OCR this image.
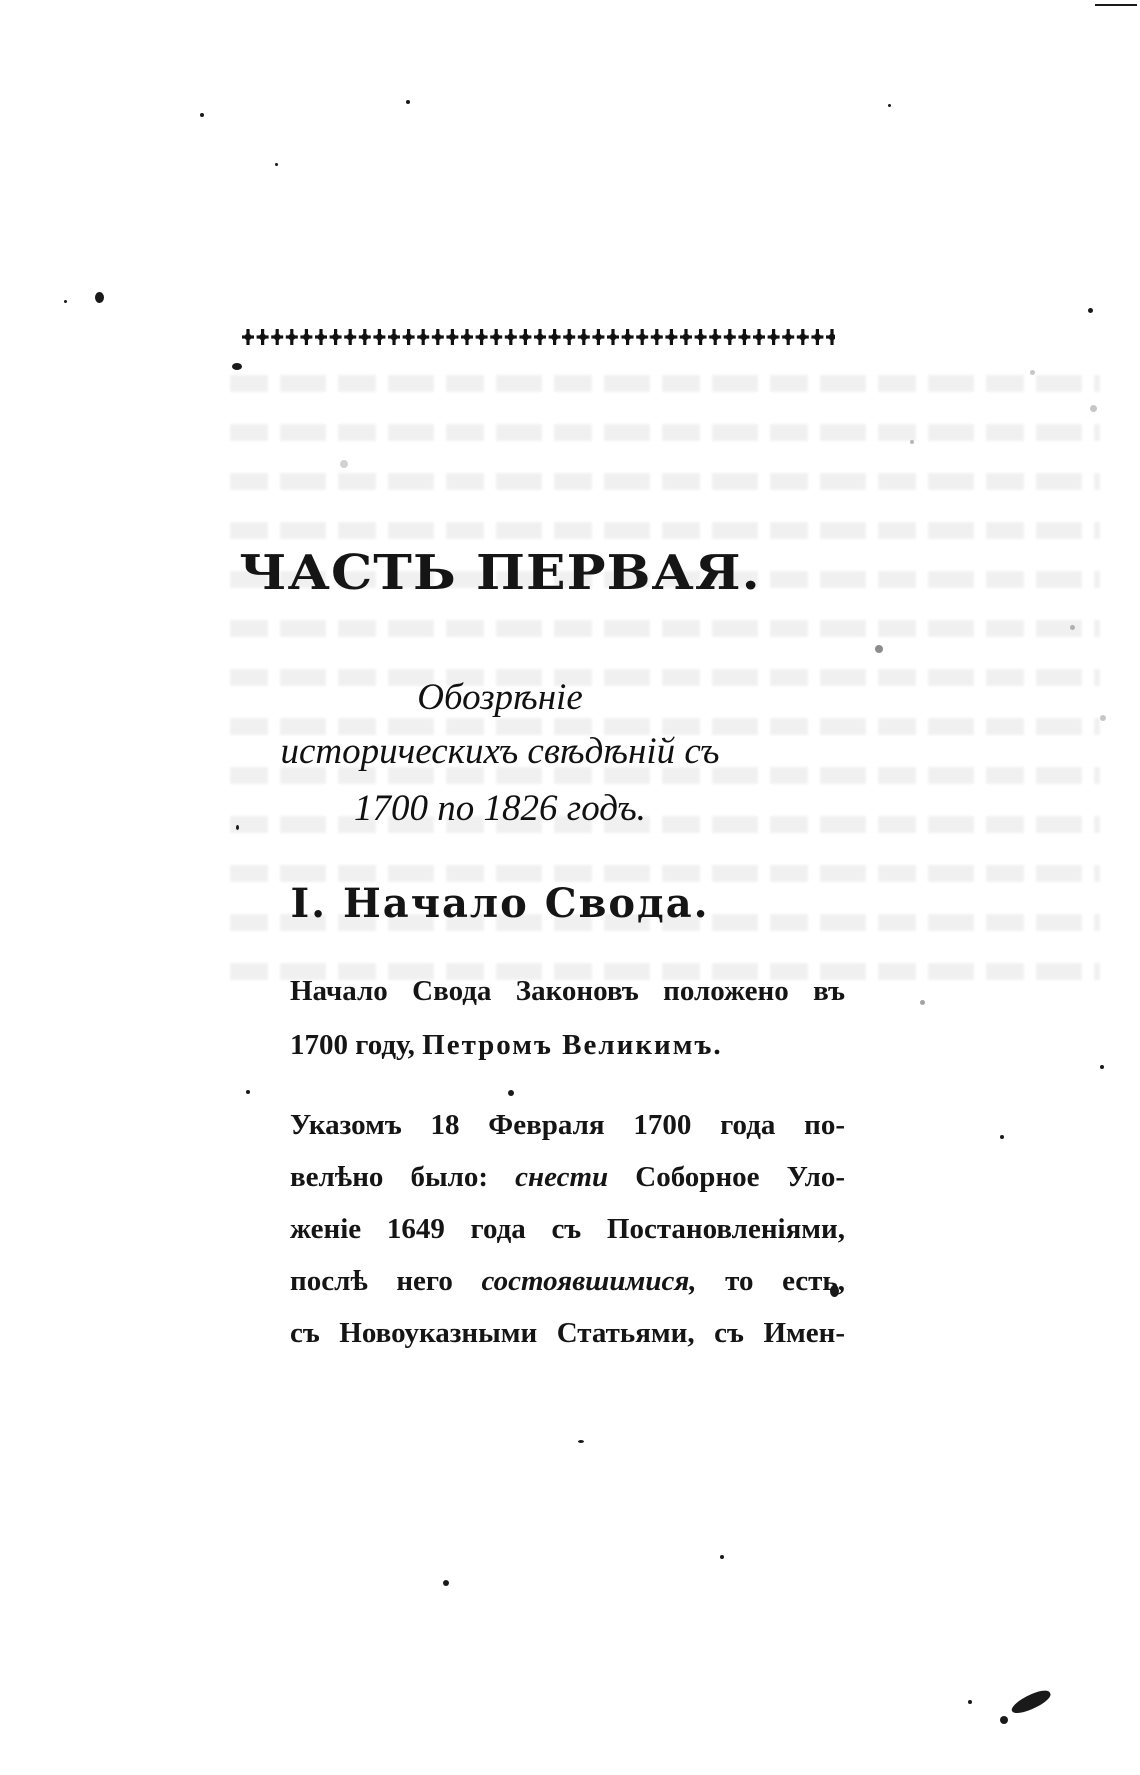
ЧАСТЬ ПЕРВАЯ.
Обозрѣніе
историческихъ свѣдѣній съ
1700 по 1826 годъ.
I. Начало Свода.
Начало Свода Законовъ положено въ
1700 году, Петромъ Великимъ.
Указомъ 18 Февраля 1700 года по-
велѣно было: снести Соборное Уло-
женіе 1649 года съ Постановленіями,
послѣ него состоявшимися, то есть,
съ Новоуказными Статьями, съ Имен-
